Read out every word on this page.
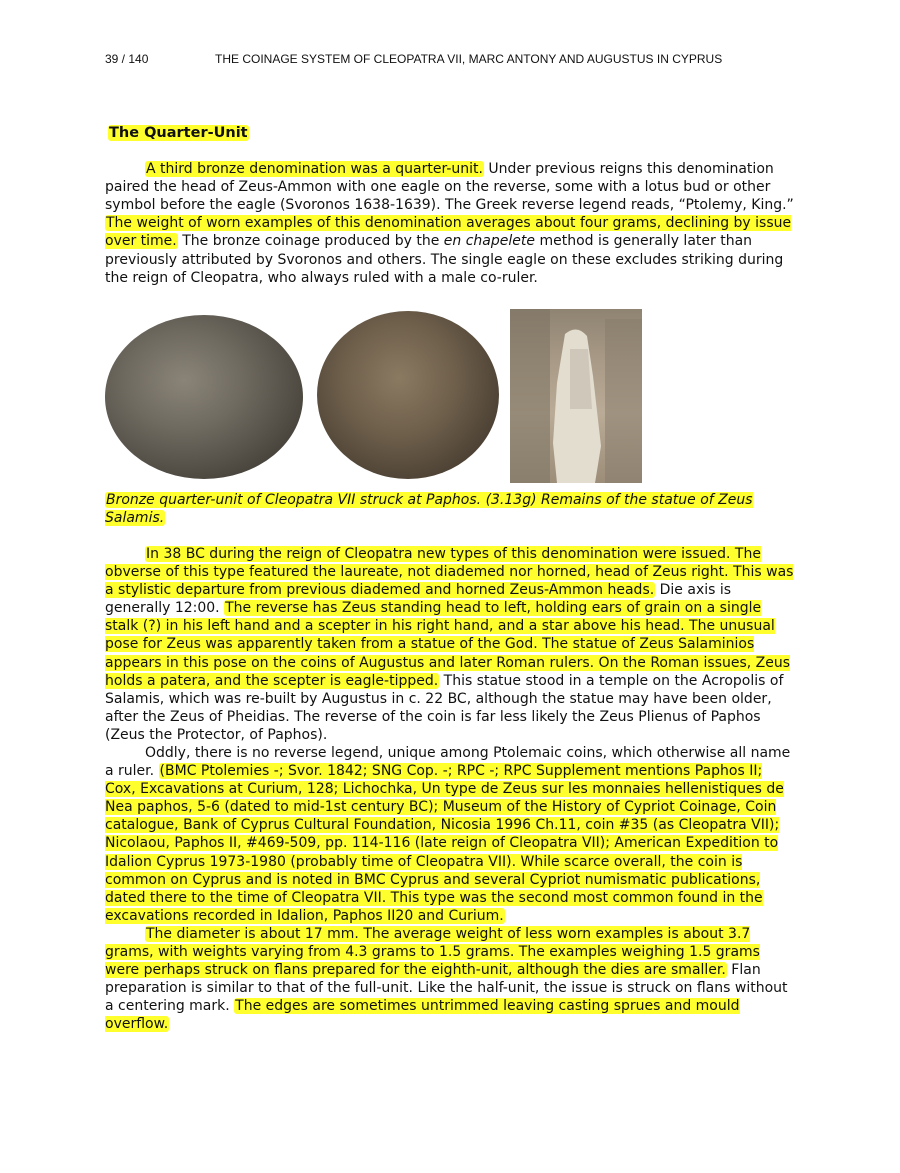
39 / 140	THE COINAGE SYSTEM OF CLEOPATRA VII, MARC ANTONY AND AUGUSTUS IN CYPRUS

The Quarter-Unit

A third bronze denomination was a quarter-unit. Under previous reigns this denomination paired the head of Zeus-Ammon with one eagle on the reverse, some with a lotus bud or other symbol before the eagle (Svoronos 1638-1639). The Greek reverse legend reads, “Ptolemy, King.” The weight of worn examples of this denomination averages about four grams, declining by issue over time. The bronze coinage produced by the en chapelete method is generally later than previously attributed by Svoronos and others. The single eagle on these excludes striking during the reign of Cleopatra, who always ruled with a male co-ruler.

Bronze quarter-unit of Cleopatra VII struck at Paphos. (3.13g) Remains of the statue of Zeus Salamis.

In 38 BC during the reign of Cleopatra new types of this denomination were issued. The obverse of this type featured the laureate, not diademed nor horned, head of Zeus right. This was a stylistic departure from previous diademed and horned Zeus-Ammon heads. Die axis is generally 12:00. The reverse has Zeus standing head to left, holding ears of grain on a single stalk (?) in his left hand and a scepter in his right hand, and a star above his head. The unusual pose for Zeus was apparently taken from a statue of the God. The statue of Zeus Salaminios appears in this pose on the coins of Augustus and later Roman rulers. On the Roman issues, Zeus holds a patera, and the scepter is eagle-tipped. This statue stood in a temple on the Acropolis of Salamis, which was re-built by Augustus in c. 22 BC, although the statue may have been older, after the Zeus of Pheidias. The reverse of the coin is far less likely the Zeus Plienus of Paphos (Zeus the Protector, of Paphos).

Oddly, there is no reverse legend, unique among Ptolemaic coins, which otherwise all name a ruler. (BMC Ptolemies -; Svor. 1842; SNG Cop. -; RPC -; RPC Supplement mentions Paphos II; Cox, Excavations at Curium, 128; Lichochka, Un type de Zeus sur les monnaies hellenistiques de Nea paphos, 5-6 (dated to mid-1st century BC); Museum of the History of Cypriot Coinage, Coin catalogue, Bank of Cyprus Cultural Foundation, Nicosia 1996 Ch.11, coin #35 (as Cleopatra VII); Nicolaou, Paphos II, #469-509, pp. 114-116 (late reign of Cleopatra VII); American Expedition to Idalion Cyprus 1973-1980 (probably time of Cleopatra VII). While scarce overall, the coin is common on Cyprus and is noted in BMC Cyprus and several Cypriot numismatic publications, dated there to the time of Cleopatra VII. This type was the second most common found in the excavations recorded in Idalion, Paphos II20 and Curium.

The diameter is about 17 mm. The average weight of less worn examples is about 3.7 grams, with weights varying from 4.3 grams to 1.5 grams. The examples weighing 1.5 grams were perhaps struck on flans prepared for the eighth-unit, although the dies are smaller. Flan preparation is similar to that of the full-unit. Like the half-unit, the issue is struck on flans without a centering mark. The edges are sometimes untrimmed leaving casting sprues and mould overflow.
